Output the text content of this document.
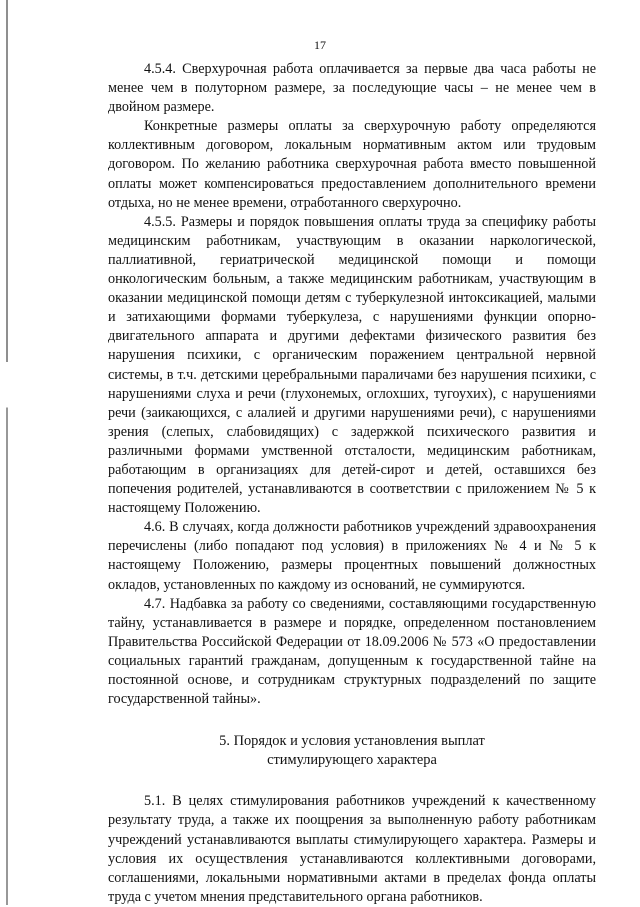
17

4.5.4. Сверхурочная работа оплачивается за первые два часа работы не менее чем в полуторном размере, за последующие часы – не менее чем в двойном размере.

Конкретные размеры оплаты за сверхурочную работу определяются коллективным договором, локальным нормативным актом или трудовым договором. По желанию работника сверхурочная работа вместо повышенной оплаты может компенсироваться предоставлением дополнительного времени отдыха, но не менее времени, отработанного сверхурочно.

4.5.5. Размеры и порядок повышения оплаты труда за специфику работы медицинским работникам, участвующим в оказании наркологической, паллиативной, гериатрической медицинской помощи и помощи онкологическим больным, а также медицинским работникам, участвующим в оказании медицинской помощи детям с туберкулезной интоксикацией, малыми и затихающими формами туберкулеза, с нарушениями функции опорно-двигательного аппарата и другими дефектами физического развития без нарушения психики, с органическим поражением центральной нервной системы, в т.ч. детскими церебральными параличами без нарушения психики, с нарушениями слуха и речи (глухонемых, оглохших, тугоухих), с нарушениями речи (заикающихся, с алалией и другими нарушениями речи), с нарушениями зрения (слепых, слабовидящих) с задержкой психического развития и различными формами умственной отсталости, медицинским работникам, работающим в организациях для детей-сирот и детей, оставшихся без попечения родителей, устанавливаются в соответствии с приложением № 5 к настоящему Положению.

4.6. В случаях, когда должности работников учреждений здравоохранения перечислены (либо попадают под условия) в приложениях № 4 и № 5 к настоящему Положению, размеры процентных повышений должностных окладов, установленных по каждому из оснований, не суммируются.

4.7. Надбавка за работу со сведениями, составляющими государственную тайну, устанавливается в размере и порядке, определенном постановлением Правительства Российской Федерации от 18.09.2006 № 573 «О предоставлении социальных гарантий гражданам, допущенным к государственной тайне на постоянной основе, и сотрудникам структурных подразделений по защите государственной тайны».

5. Порядок и условия установления выплат
стимулирующего характера

5.1. В целях стимулирования работников учреждений к качественному результату труда, а также их поощрения за выполненную работу работникам учреждений устанавливаются выплаты стимулирующего характера. Размеры и условия их осуществления устанавливаются коллективными договорами, соглашениями, локальными нормативными актами в пределах фонда оплаты труда с учетом мнения представительного органа работников.
